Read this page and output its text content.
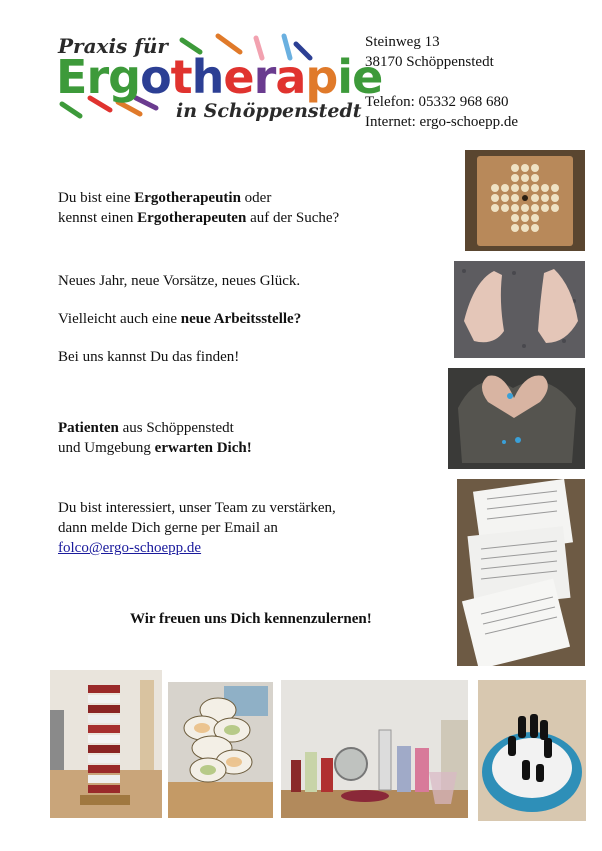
Praxis für
Ergotherapie
in Schöppenstedt
Steinweg 13
38170 Schöppenstedt
Telefon: 05332 968 680
Internet: ergo-schoepp.de
Du bist eine Ergotherapeutin oder
kennst einen Ergotherapeuten auf der Suche?
Neues Jahr, neue Vorsätze, neues Glück.
Vielleicht auch eine neue Arbeitsstelle?
Bei uns kannst Du das finden!
Patienten aus Schöppenstedt
und Umgebung erwarten Dich!
Du bist interessiert, unser Team zu verstärken,
dann melde Dich gerne per Email an
folco@ergo-schoepp.de
Wir freuen uns Dich kennenzulernen!
